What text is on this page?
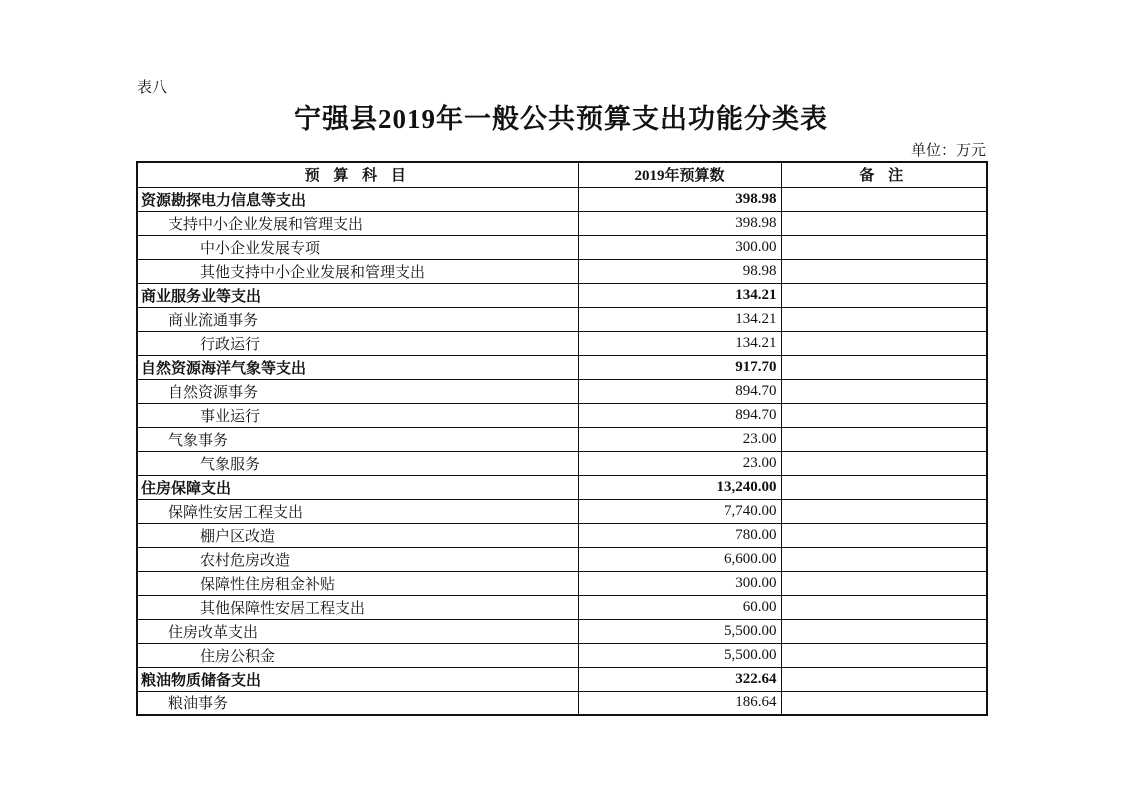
表八
宁强县2019年一般公共预算支出功能分类表
单位：万元
预 算 科 目	2019年预算数	备 注
资源勘探电力信息等支出	398.98	
支持中小企业发展和管理支出	398.98	
中小企业发展专项	300.00	
其他支持中小企业发展和管理支出	98.98	
商业服务业等支出	134.21	
商业流通事务	134.21	
行政运行	134.21	
自然资源海洋气象等支出	917.70	
自然资源事务	894.70	
事业运行	894.70	
气象事务	23.00	
气象服务	23.00	
住房保障支出	13,240.00	
保障性安居工程支出	7,740.00	
棚户区改造	780.00	
农村危房改造	6,600.00	
保障性住房租金补贴	300.00	
其他保障性安居工程支出	60.00	
住房改革支出	5,500.00	
住房公积金	5,500.00	
粮油物质储备支出	322.64	
粮油事务	186.64	
